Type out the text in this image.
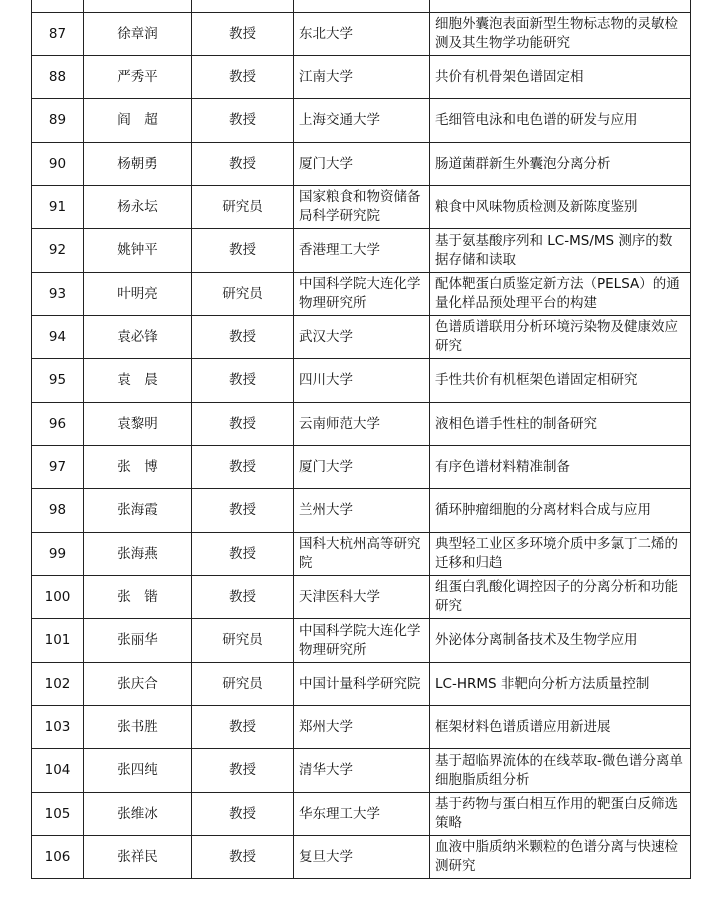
87	徐章润	教授	东北大学	细胞外囊泡表面新型生物标志物的灵敏检测及其生物学功能研究
88	严秀平	教授	江南大学	共价有机骨架色谱固定相
89	阎　超	教授	上海交通大学	毛细管电泳和电色谱的研发与应用
90	杨朝勇	教授	厦门大学	肠道菌群新生外囊泡分离分析
91	杨永坛	研究员	国家粮食和物资储备局科学研究院	粮食中风味物质检测及新陈度鉴别
92	姚钟平	教授	香港理工大学	基于氨基酸序列和 LC-MS/MS 测序的数据存储和读取
93	叶明亮	研究员	中国科学院大连化学物理研究所	配体靶蛋白质鉴定新方法（PELSA）的通量化样品预处理平台的构建
94	袁必锋	教授	武汉大学	色谱质谱联用分析环境污染物及健康效应研究
95	袁　晨	教授	四川大学	手性共价有机框架色谱固定相研究
96	袁黎明	教授	云南师范大学	液相色谱手性柱的制备研究
97	张　博	教授	厦门大学	有序色谱材料精准制备
98	张海霞	教授	兰州大学	循环肿瘤细胞的分离材料合成与应用
99	张海燕	教授	国科大杭州高等研究院	典型轻工业区多环境介质中多氯丁二烯的迁移和归趋
100	张　锴	教授	天津医科大学	组蛋白乳酸化调控因子的分离分析和功能研究
101	张丽华	研究员	中国科学院大连化学物理研究所	外泌体分离制备技术及生物学应用
102	张庆合	研究员	中国计量科学研究院	LC-HRMS 非靶向分析方法质量控制
103	张书胜	教授	郑州大学	框架材料色谱质谱应用新进展
104	张四纯	教授	清华大学	基于超临界流体的在线萃取-微色谱分离单细胞脂质组分析
105	张维冰	教授	华东理工大学	基于药物与蛋白相互作用的靶蛋白反筛选策略
106	张祥民	教授	复旦大学	血液中脂质纳米颗粒的色谱分离与快速检测研究
